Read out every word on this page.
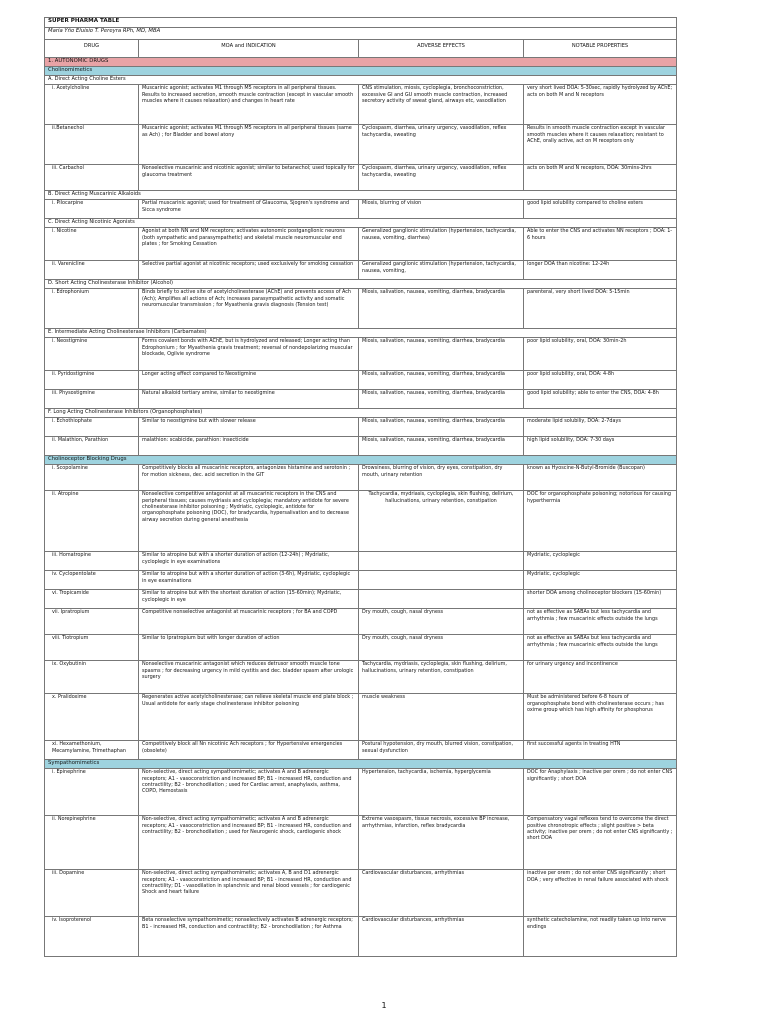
SUPER PHARMA TABLE			
Maria Yño Eluisio T. Pereyra RPh, MD, MBA			
DRUG	MOA and INDICATION	ADVERSE EFFECTS	NOTABLE PROPERTIES
1. AUTONOMIC DRUGS			
Cholinomimetics			
A. Direct Acting Choline Esters			
i. Acetylcholine	Muscarinic agonist; activates M1 through M5 receptors in all peripheral tissues. Results to increased secretion, smooth muscle contraction (except in vascular smooth muscles where it causes relaxation) and changes in heart rate	CNS stimulation, miosis, cycloplegia, bronchoconstriction, excessive GI and GU smooth muscle contraction, increased secretory activity of sweat gland, airways etc, vasodilation	very short lived DOA: 5-30sec, rapidly hydrolyzed by AChE; acts on both M and N receptors
ii.Betanechol	Muscarinic agonist; activates M1 through M5 receptors in all peripheral tissues (same as Ach) ; for Bladder and bowel atony	Cyclospasm, diarrhea, urinary urgency, vasodilation, reflex tachycardia, sweating	Results in smooth muscle contraction except in vascular smooth muscles where it causes relaxation; resistant to AChE, orally active, act on M receptors only
iii. Carbachol	Nonselective muscarinic and nicotinic agonist; similar to betanechol; used topically for glaucoma treatment	Cyclospasm, diarrhea, urinary urgency, vasodilation, reflex tachycardia, sweating	acts on both M and N receptors, DOA: 30mins-2hrs
B. Direct Acting Muscarinic Alkaloids			
i. Pilocarpine	Partial muscarinic agonist; used for treatment of Glaucoma, Sjogren's syndrome and Sicca syndrome	Miosis, blurring of vision	good lipid solubility compared to choline esters
C. Direct Acting Nicotinic Agonists			
i. Nicotine	Agonist at both NN and NM receptors; activates autonomic postganglionic neurons (both sympathetic and parasympathetic) and skeletal muscle neuromuscular end plates ; for Smoking Cessation	Generalized ganglionic stimulation (hypertension, tachycardia, nausea, vomiting, diarrhea)	Able to enter the CNS and activates NN receptors ; DOA: 1-6 hours
ii. Varenicline	Selective partial agonist at nicotinic receptors; used exclusively for smoking cessation	Generalized ganglionic stimulation (hypertension, tachycardia, nausea, vomiting,	longer DOA than nicotine: 12-24h
D. Short Acting Cholinesterase Inhibitor (Alcohol)			
i. Edrophonium	Binds briefly to active site of acetylcholinesterase (AChE) and prevents access of Ach (Ach); Amplifies all actions of Ach; increases parasympathetic activity and somatic neuromuscular transmission ; for Myasthenia gravis diagnosis (Tension test)	Miosis, salivation, nausea, vomiting, diarrhea, bradycardia	parenteral, very short lived DOA: 5-15min
E. Intermediate Acting Cholinesterase Inhibitors (Carbamates)			
i. Neostigmine	Forms covalent bonds with AChE, but is hydrolyzed and released; Longer acting than Edrophonium ; for Myasthenia gravis treatment; reversal of nondepolarizing muscular blockade, Ogilvie syndrome	Miosis, salivation, nausea, vomiting, diarrhea, bradycardia	poor lipid solubility, oral, DOA: 30min-2h
ii. Pyridostigmine	Longer acting effect compared to Neostigmine	Miosis, salivation, nausea, vomiting, diarrhea, bradycardia	poor lipid solubility, oral, DOA: 4-8h
iii. Physostigmine	Natural alkaloid tertiary amine, similar to neostigmine	Miosis, salivation, nausea, vomiting, diarrhea, bradycardia	good lipid solubility; able to enter the CNS, DOA: 4-8h
F. Long Acting Cholinesterase Inhibitors (Organophosphates)			
i. Echothiophate	Similar to neostigmine but with slower release	Miosis, salivation, nausea, vomiting, diarrhea, bradycardia	moderate lipid solubiliy, DOA: 2-7days
ii. Malathion, Parathion	malathion: scabicide, parathion: insecticide	Miosis, salivation, nausea, vomiting, diarrhea, bradycardia	high lipid solubility, DOA: 7-30 days
Cholinoceptor Blocking Drugs			
i. Scopolamine	Competitively blocks all muscarinic receptors, antagonizes histamine and serotonin ; for motion sickness, dec. acid secretion in the GIT	Drowsiness, blurring of vision, dry eyes, constipation, dry mouth, urinary retention	known as Hyoscine-N-Butyl-Bromide (Buscopan)
ii. Atropine	Nonselective competitive antagonist at all muscarinic receptors in the CNS and peripheral tissues; causes mydriasis and cycloplegia; mandatory antidote for severe cholinesterase inhibitor poisoning ; Mydriatic, cycloplegic, antidote for organophosphate poisoning (DOC), for bradycardia, hypersalivation and to decrease airway secretion during general anesthesia	Tachycardia, mydriasis, cycloplegia, skin flushing, delirium, hallucinations, urinary retention, constipation	DOC for organophosphate poisoning; notorious for causing hyperthermia
iii. Homatropine	Similar to atropine but with a shorter duration of action (12-24h) ; Mydriatic, cycloplegic in eye examinations		Mydriatic, cycloplegic
iv. Cyclopentolate	Similar to atropine but with a shorter duration of action (3-6h), Mydriatic, cycloplegic in eye examinations		Mydriatic, cycloplegic
vi. Tropicamide	Similar to atropine but with the shortest duration of action (15-60min); Mydriatic, cycloplegic in eye		shorter DOA among cholinoceptor blockers (15-60min)
vii. Ipratropium	Competitive nonselective antagonist at muscarinic receptors ; for BA and COPD	Dry mouth, cough, nasal dryness	not as effective as SABAs but less tachycardia and arrhythmia ; few muscarinic effects outside the lungs
viii. Tiotropium	Similar to Ipratropium but with longer duration of action	Dry mouth, cough, nasal dryness	not as effective as SABAs but less tachycardia and arrhythmia ; few muscarinic effects outside the lungs
ix. Oxybutinin	Nonselective muscarinic antagonist which reduces detrusor smooth muscle tone spasms ; for decreasing urgency in mild cystitis and dec. bladder spasm after urologic surgery	Tachycardia, mydriasis, cycloplegia, skin flushing, delirium, hallucinations, urinary retention, constipation	for urinary urgency and incontinence
x. Pralidoxime	Regenerates active acetylcholinesterase; can relieve skeletal muscle end plate block ; Usual antidote for early stage cholinesterase inhibitor poisoning	muscle weakness	Must be administered before 6-8 hours of organophosphate bond with cholinesterase occurs ; has oxime group which has high affinity for phosphorus
xi. Hexamethonium, Mecamylamine, Trimethaphan	Competitively block all Nn nicotinic Ach receptors ; for Hypertensive emergencies (obsolete)	Postural hypotension, dry mouth, blurred vision, constipation, sexual dysfunction	first successful agents in treating HTN
Sympathomimetics			
i. Epinephrine	Non-selective, direct acting sympathomimetic; activates A and B adrenergic receptors; A1 - vasoconstriction and increased BP; B1 - increased HR, conduction and contractility; B2 - bronchodilation ; used for Cardiac arrest, anaphylaxis, asthma, COPD, Hemostasis	Hypertension, tachycardia, ischemia, hyperglycemia	DOC for Anaphylaxis ; inactive per orem ; do not enter CNS significantly ; short DOA
ii. Norepinephrine	Non-selective, direct acting sympathomimetic; activates A and B adrenergic receptors; A1 - vasoconstriction and increased BP; B1 - increased HR, conduction and contractility; B2 - bronchodilation ; used for Neurogenic shock, cardiogenic shock	Extreme vasospasm, tissue necrosis, excessive BP increase, arrhythmias, infarction, reflex bradycardia	Compensatory vagal reflexes tend to overcome the direct positive chronotropic effects ; slight positive > beta activity; inactive per orem ; do not enter CNS significantly ; short DOA
iii. Dopamine	Non-selective, direct acting sympathomimetic; activates A, B and D1 adrenergic receptors; A1 - vasoconstriction and increased BP; B1 - increased HR, conduction and contractility; D1 - vasodilation in splanchnic and renal blood vessels ; for cardiogenic Shock and heart failure	Cardiovascular disturbances, arrhythmias	inactive per orem ; do not enter CNS significantly ; short DOA ; very effective in renal failure associated with shock
iv. Isoproterenol	Beta nonselective sympathomimetic; nonselectively activates B adrenergic receptors; B1 - increased HR, conduction and contractility; B2 - bronchodilation ; for Asthma	Cardiovascular disturbances, arrhythmias	synthetic catecholamine, not readily taken up into nerve endings
1
